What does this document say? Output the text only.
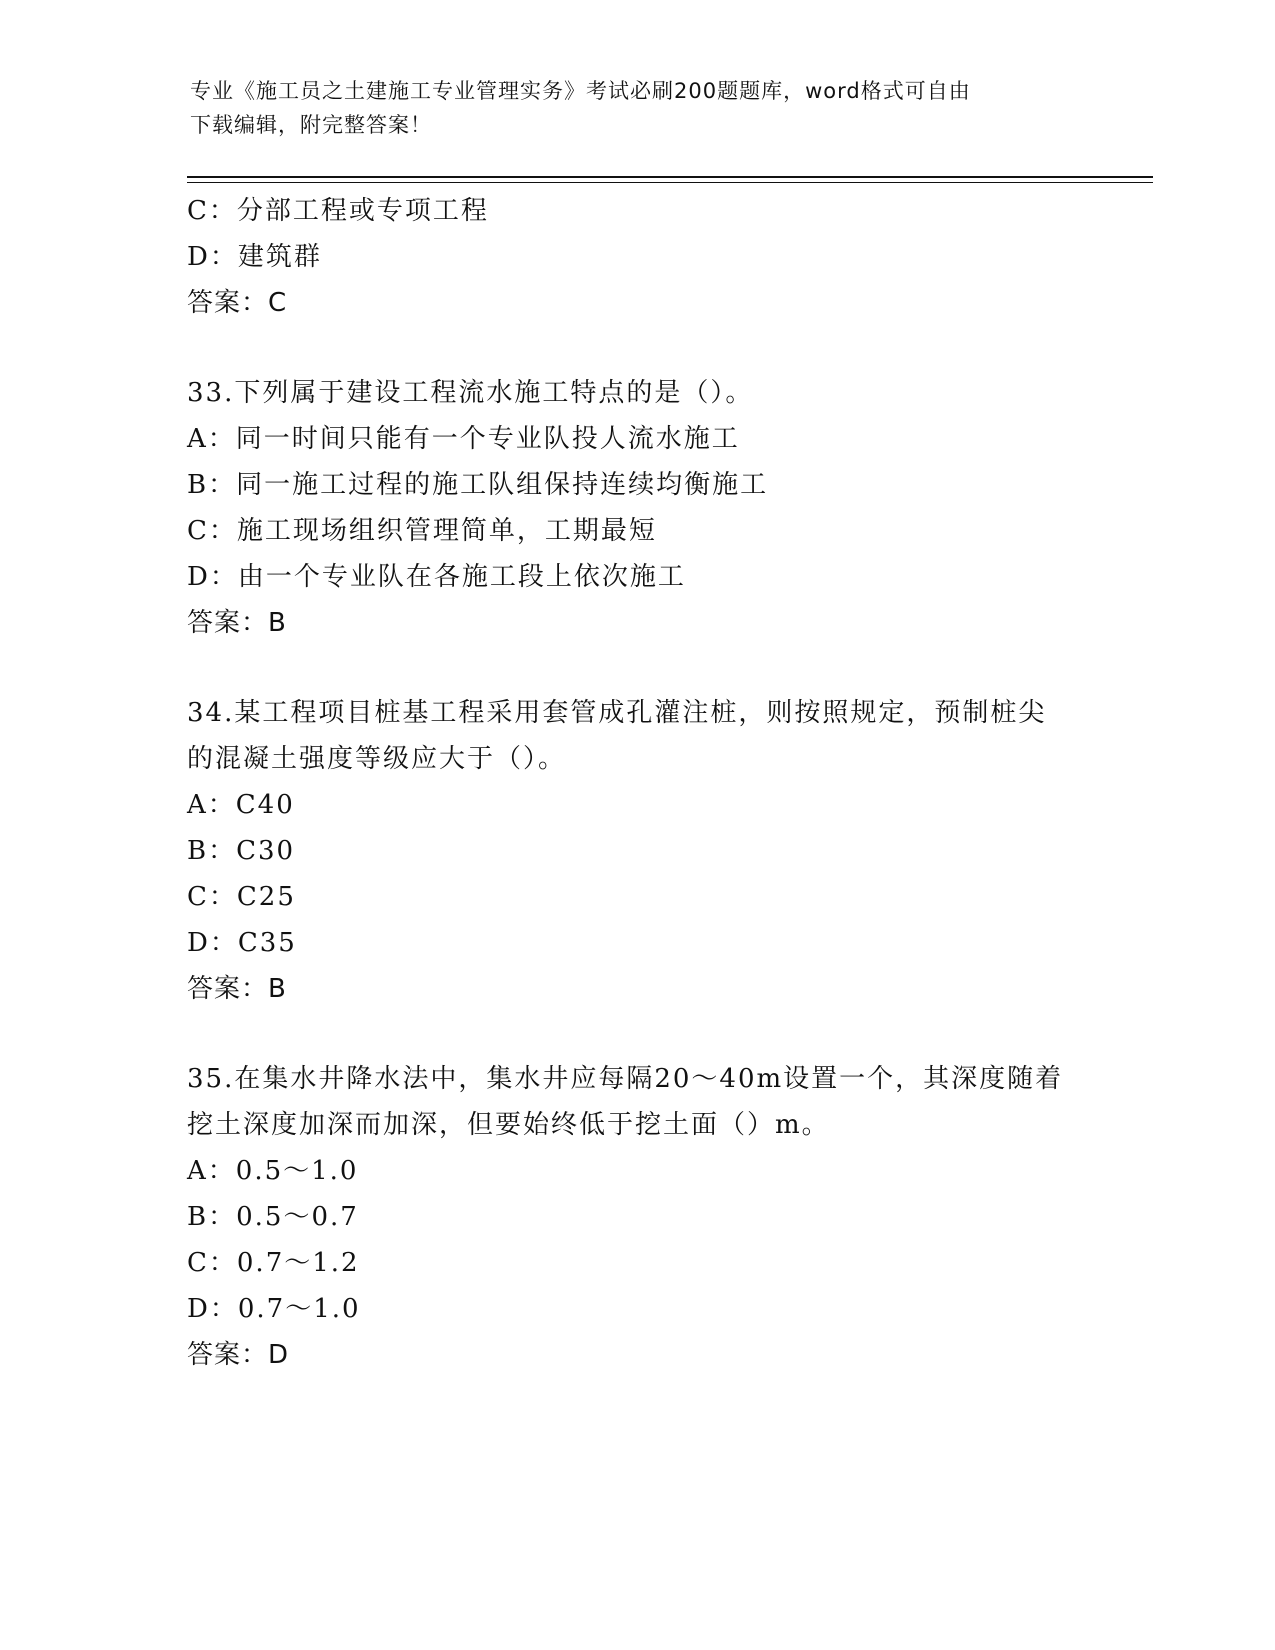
专业《施工员之土建施工专业管理实务》考试必刷200题题库，word格式可自由
下载编辑，附完整答案！
C：分部工程或专项工程
D：建筑群
答案：C
33.下列属于建设工程流水施工特点的是（）。
A：同一时间只能有一个专业队投人流水施工
B：同一施工过程的施工队组保持连续均衡施工
C：施工现场组织管理简单，工期最短
D：由一个专业队在各施工段上依次施工
答案：B
34.某工程项目桩基工程采用套管成孔灌注桩，则按照规定，预制桩尖
的混凝土强度等级应大于（）。
A：C40
B：C30
C：C25
D：C35
答案：B
35.在集水井降水法中，集水井应每隔20～40m设置一个，其深度随着
挖土深度加深而加深，但要始终低于挖土面（）m。
A：0.5～1.0
B：0.5～0.7
C：0.7～1.2
D：0.7～1.0
答案：D
